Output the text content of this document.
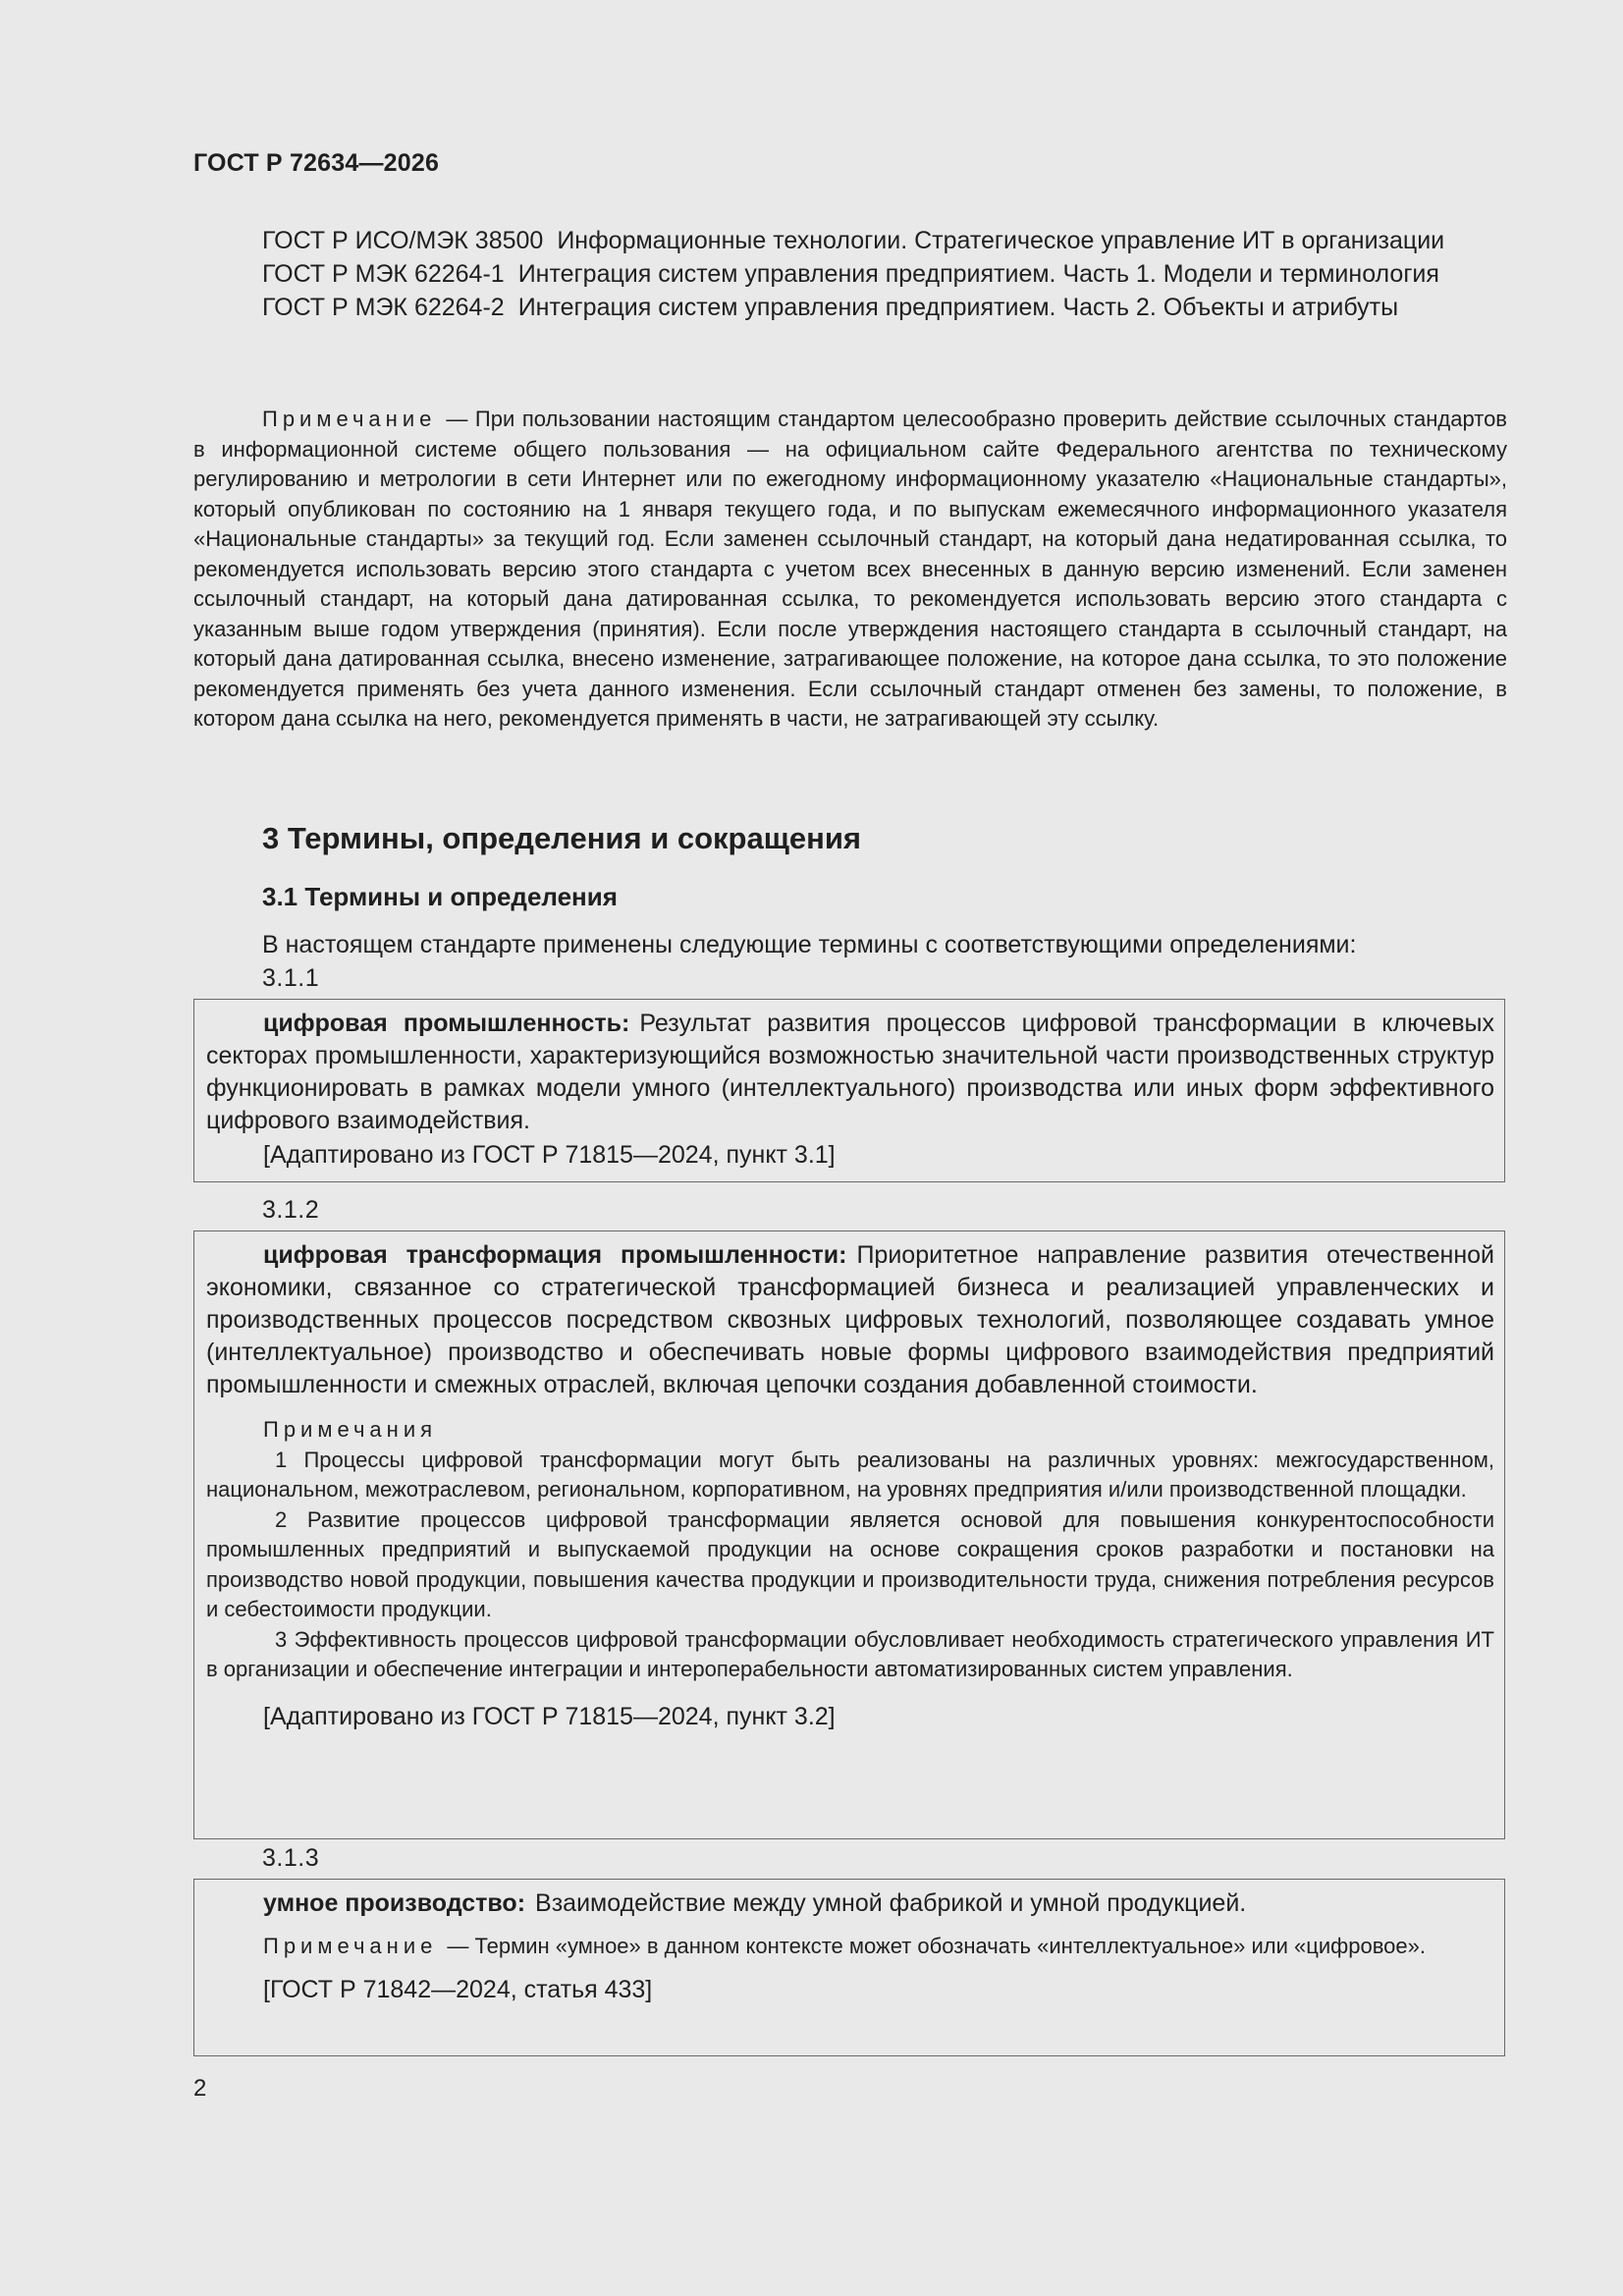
ГОСТ Р 72634—2026
ГОСТ Р ИСО/МЭК 38500 Информационные технологии. Стратегическое управление ИТ в организации
ГОСТ Р МЭК 62264-1 Интеграция систем управления предприятием. Часть 1. Модели и терминология
ГОСТ Р МЭК 62264-2 Интеграция систем управления предприятием. Часть 2. Объекты и атрибуты
Примечание — При пользовании настоящим стандартом целесообразно проверить действие ссылочных стандартов в информационной системе общего пользования — на официальном сайте Федерального агентства по техническому регулированию и метрологии в сети Интернет или по ежегодному информационному указателю «Национальные стандарты», который опубликован по состоянию на 1 января текущего года, и по выпускам ежемесячного информационного указателя «Национальные стандарты» за текущий год. Если заменен ссылочный стандарт, на который дана недатированная ссылка, то рекомендуется использовать версию этого стандарта с учетом всех внесенных в данную версию изменений. Если заменен ссылочный стандарт, на который дана датированная ссылка, то рекомендуется использовать версию этого стандарта с указанным выше годом утверждения (принятия). Если после утверждения настоящего стандарта в ссылочный стандарт, на который дана датированная ссылка, внесено изменение, затрагивающее положение, на которое дана ссылка, то это положение рекомендуется применять без учета данного изменения. Если ссылочный стандарт отменен без замены, то положение, в котором дана ссылка на него, рекомендуется применять в части, не затрагивающей эту ссылку.
3 Термины, определения и сокращения
3.1 Термины и определения
В настоящем стандарте применены следующие термины с соответствующими определениями:
3.1.1
цифровая промышленность: Результат развития процессов цифровой трансформации в ключевых секторах промышленности, характеризующийся возможностью значительной части производственных структур функционировать в рамках модели умного (интеллектуального) производства или иных форм эффективного цифрового взаимодействия.
[Адаптировано из ГОСТ Р 71815—2024, пункт 3.1]
3.1.2
цифровая трансформация промышленности: Приоритетное направление развития отечественной экономики, связанное со стратегической трансформацией бизнеса и реализацией управленческих и производственных процессов посредством сквозных цифровых технологий, позволяющее создавать умное (интеллектуальное) производство и обеспечивать новые формы цифрового взаимодействия предприятий промышленности и смежных отраслей, включая цепочки создания добавленной стоимости.
Примечания
1 Процессы цифровой трансформации могут быть реализованы на различных уровнях: межгосударственном, национальном, межотраслевом, региональном, корпоративном, на уровнях предприятия и/или производственной площадки.
2 Развитие процессов цифровой трансформации является основой для повышения конкурентоспособности промышленных предприятий и выпускаемой продукции на основе сокращения сроков разработки и постановки на производство новой продукции, повышения качества продукции и производительности труда, снижения потребления ресурсов и себестоимости продукции.
3 Эффективность процессов цифровой трансформации обусловливает необходимость стратегического управления ИТ в организации и обеспечение интеграции и интероперабельности автоматизированных систем управления.
[Адаптировано из ГОСТ Р 71815—2024, пункт 3.2]
3.1.3
умное производство: Взаимодействие между умной фабрикой и умной продукцией.
Примечание — Термин «умное» в данном контексте может обозначать «интеллектуальное» или «цифровое».
[ГОСТ Р 71842—2024, статья 433]
2
